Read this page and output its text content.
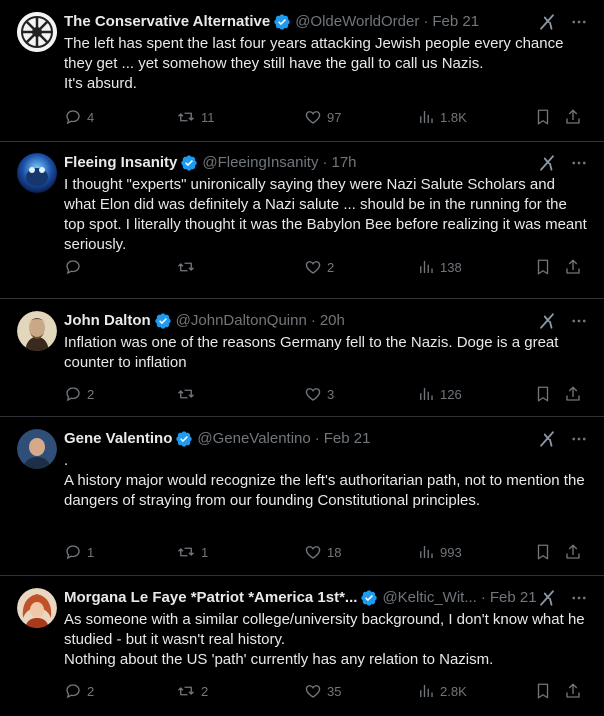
The Conservative Alternative @OldeWorldOrder · Feb 21
The left has spent the last four years attacking Jewish people every chance they get ... yet somehow they still have the gall to call us Nazis.
It's absurd.
4	11	97	1.8K
Fleeing Insanity @FleeingInsanity · 17h
I thought "experts" unironically saying they were Nazi Salute Scholars and what Elon did was definitely a Nazi salute ... should be in the running for the top spot. I literally thought it was the Babylon Bee before realizing it was meant seriously.
2	138
John Dalton @JohnDaltonQuinn · 20h
Inflation was one of the reasons Germany fell to the Nazis. Doge is a great counter to inflation
2	3	126
Gene Valentino @GeneValentino · Feb 21
.
A history major would recognize the left's authoritarian path, not to mention the dangers of straying from our founding Constitutional principles.
1	1	18	993
Morgana Le Faye *Patriot *America 1st*... @Keltic_Wit... · Feb 21
As someone with a similar college/university background, I don't know what he studied - but it wasn't real history.
Nothing about the US 'path' currently has any relation to Nazism.
2	2	35	2.8K
